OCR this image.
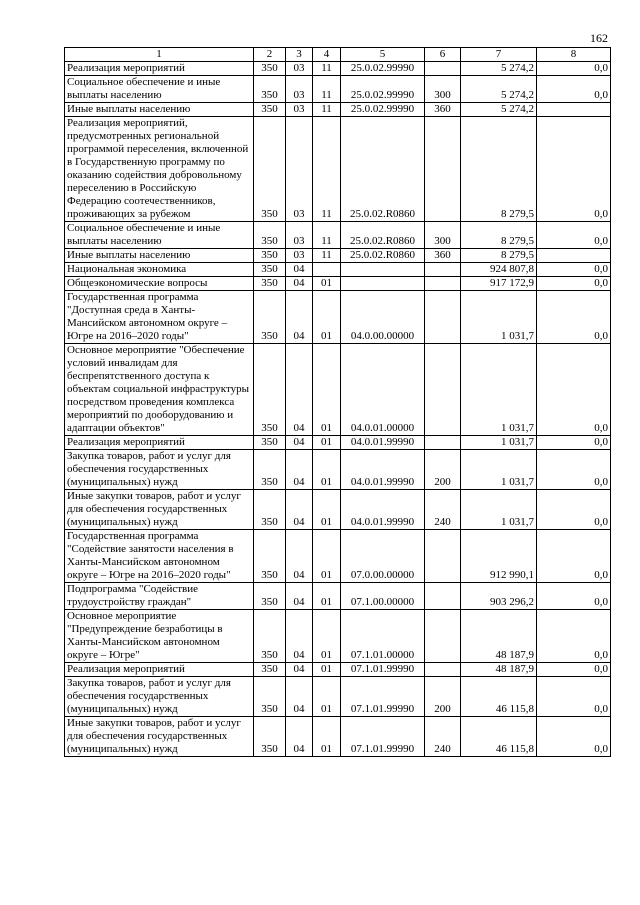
162
1	2	3	4	5	6	7	8
Реализация мероприятий	350	03	11	25.0.02.99990		5 274,2	0,0
Социальное обеспечение и иные выплаты населению	350	03	11	25.0.02.99990	300	5 274,2	0,0
Иные выплаты населению	350	03	11	25.0.02.99990	360	5 274,2	
Реализация мероприятий, предусмотренных региональной программой переселения, включенной в Государственную программу по оказанию содействия добровольному переселению в Российскую Федерацию соотечественников, проживающих за рубежом	350	03	11	25.0.02.R0860		8 279,5	0,0
Социальное обеспечение и иные выплаты населению	350	03	11	25.0.02.R0860	300	8 279,5	0,0
Иные выплаты населению	350	03	11	25.0.02.R0860	360	8 279,5	
Национальная экономика	350	04				924 807,8	0,0
Общеэкономические вопросы	350	04	01			917 172,9	0,0
Государственная программа "Доступная среда в Ханты-Мансийском автономном округе – Югре на 2016–2020 годы"	350	04	01	04.0.00.00000		1 031,7	0,0
Основное мероприятие "Обеспечение условий инвалидам для беспрепятственного доступа к объектам социальной инфраструктуры посредством проведения комплекса мероприятий по дооборудованию и адаптации объектов"	350	04	01	04.0.01.00000		1 031,7	0,0
Реализация мероприятий	350	04	01	04.0.01.99990		1 031,7	0,0
Закупка товаров, работ и услуг для обеспечения государственных (муниципальных) нужд	350	04	01	04.0.01.99990	200	1 031,7	0,0
Иные закупки товаров, работ и услуг для обеспечения государственных (муниципальных) нужд	350	04	01	04.0.01.99990	240	1 031,7	0,0
Государственная программа "Содействие занятости населения в Ханты-Мансийском автономном округе – Югре на 2016–2020 годы"	350	04	01	07.0.00.00000		912 990,1	0,0
Подпрограмма "Содействие трудоустройству граждан"	350	04	01	07.1.00.00000		903 296,2	0,0
Основное мероприятие "Предупреждение безработицы в Ханты-Мансийском автономном округе – Югре"	350	04	01	07.1.01.00000		48 187,9	0,0
Реализация мероприятий	350	04	01	07.1.01.99990		48 187,9	0,0
Закупка товаров, работ и услуг для обеспечения государственных (муниципальных) нужд	350	04	01	07.1.01.99990	200	46 115,8	0,0
Иные закупки товаров, работ и услуг для обеспечения государственных (муниципальных) нужд	350	04	01	07.1.01.99990	240	46 115,8	0,0
